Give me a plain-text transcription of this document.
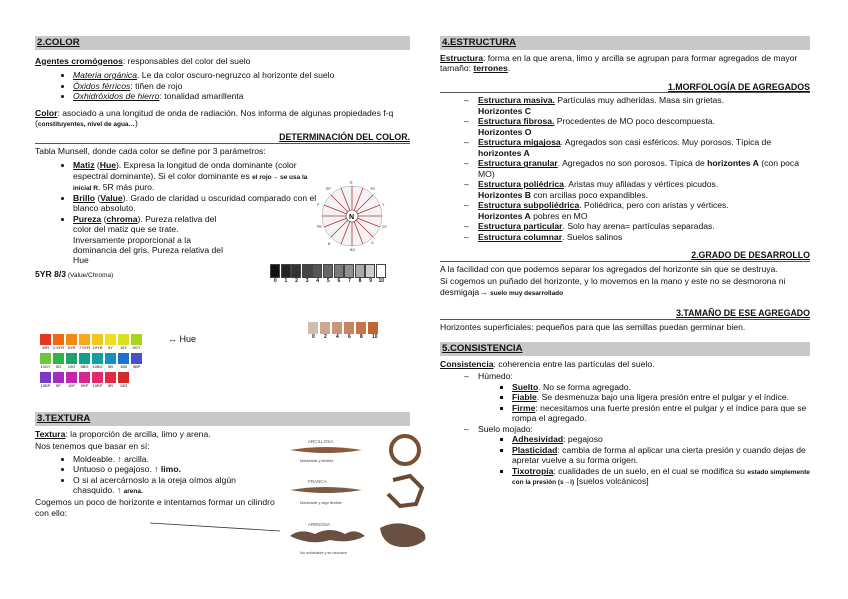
2.COLOR

Agentes cromógenos: responsables del color del suelo

• Materia orgánica. Le da color oscuro-negruzco al horizonte del suelo
• Óxidos férricos: tiñen de rojo
• Oxhidróxidos de hierro: tonalidad amarillenta

Color: asociado a una longitud de onda de radiación. Nos informa de algunas propiedades f-q (constituyentes, nivel de agua…)

DETERMINACIÓN DEL COLOR.

Tabla Munsell, donde cada color se define por 3 parámetros:

• Matiz (Hue). Expresa la longitud de onda dominante (color espectral dominante). Si el color dominante es el rojo→ se usa la inicial R. 5R más puro.
• Brillo (Value). Grado de claridad u oscuridad comparado con el blanco absoluto.
• Pureza (chroma). Pureza relativa del color del matiz que se trate. Inversamente proporcional a la dominancia del gris. Pureza relativa del Hue

5YR 8/3 (Value/Chroma)

N
R
YR
Y
GY
G
BG
B
PB
P
RP
0	1	2	3	4	5	6	7	8	9	10
0	2	4	6	8	10
10R 2.5YR 5YR 7.5YR 10YR	5Y	10Y	5GY
10GY	5G	10G	5BG 10BG	5B	10B	5BP
10BP	5P	10P	5RP	10RP	5R	10R
↔ Hue
3.TEXTURA

Textura: la proporción de arcilla, limo y arena.

Nos tenemos que basar en sí:

• Moldeable. ↑ arcilla.
• Untuoso o pegajoso. ↑ limo.
• O si al acercárnoslo a la oreja oímos algún chasquido. ↑ arena.

Cogemos un poco de horizonte e intentamos formar un cilindro con ello:

ARCILLOSA
Moldeable y flexible
FRANCA
Moldeable y algo flexible
ARENOSA
No moldeable y se deshace
4.ESTRUCTURA

Estructura: forma en la que arena, limo y arcilla se agrupan para formar agregados de mayor tamaño: terrones.

1.MORFOLOGÍA DE AGREGADOS
– Estructura masiva. Partículas muy adheridas. Masa sin grietas.
Horizontes C
– Estructura fibrosa. Procedentes de MO poco descompuesta.
Horizontes O
– Estructura migajosa. Agregados son casi esféricos. Muy porosos. Típica de horizontes A
– Estructura granular. Agregados no son porosos. Típica de horizontes A (con poca MO)
– Estructura poliédrica. Aristas muy afiladas y vértices picudos.
Horizontes B con arcillas poco expandibles.
– Estructura subpoliédrica. Poliédrica, pero con aristas y vértices.
Horizontes A pobres en MO
– Estructura particular. Solo hay arena= partículas separadas.
– Estructura columnar. Suelos salinos
2.GRADO DE DESARROLLO

A la facilidad con que podemos separar los agregados del horizonte sin que se destruya.

Si cogemos un puñado del horizonte, y lo movemos en la mano y este no se desmorona ni desmigaja→ suelo muy desarrollado

3.TAMAÑO DE ESE AGREGADO

Horizontes superficiales: pequeños para que las semillas puedan germinar bien.

5.CONSISTENCIA

Consistencia: coherencia entre las partículas del suelo.

– Húmedo:
▪ Suelto. No se forma agregado.
▪ Fiable. Se desmenuza bajo una ligera presión entre el pulgar y el índice.
▪ Firme: necesitamos una fuerte presión entre el pulgar y el índice para que se rompa el agregado.
– Suelo mojado:
▪ Adhesividad: pegajoso
▪ Plasticidad: cambia de forma al aplicar una cierta presión y cuando dejas de apretar vuelve a su forma origen.
▪ Tixotropía: cualidades de un suelo, en el cual se modifica su estado simplemente con la presión (s→l) [suelos volcánicos]
